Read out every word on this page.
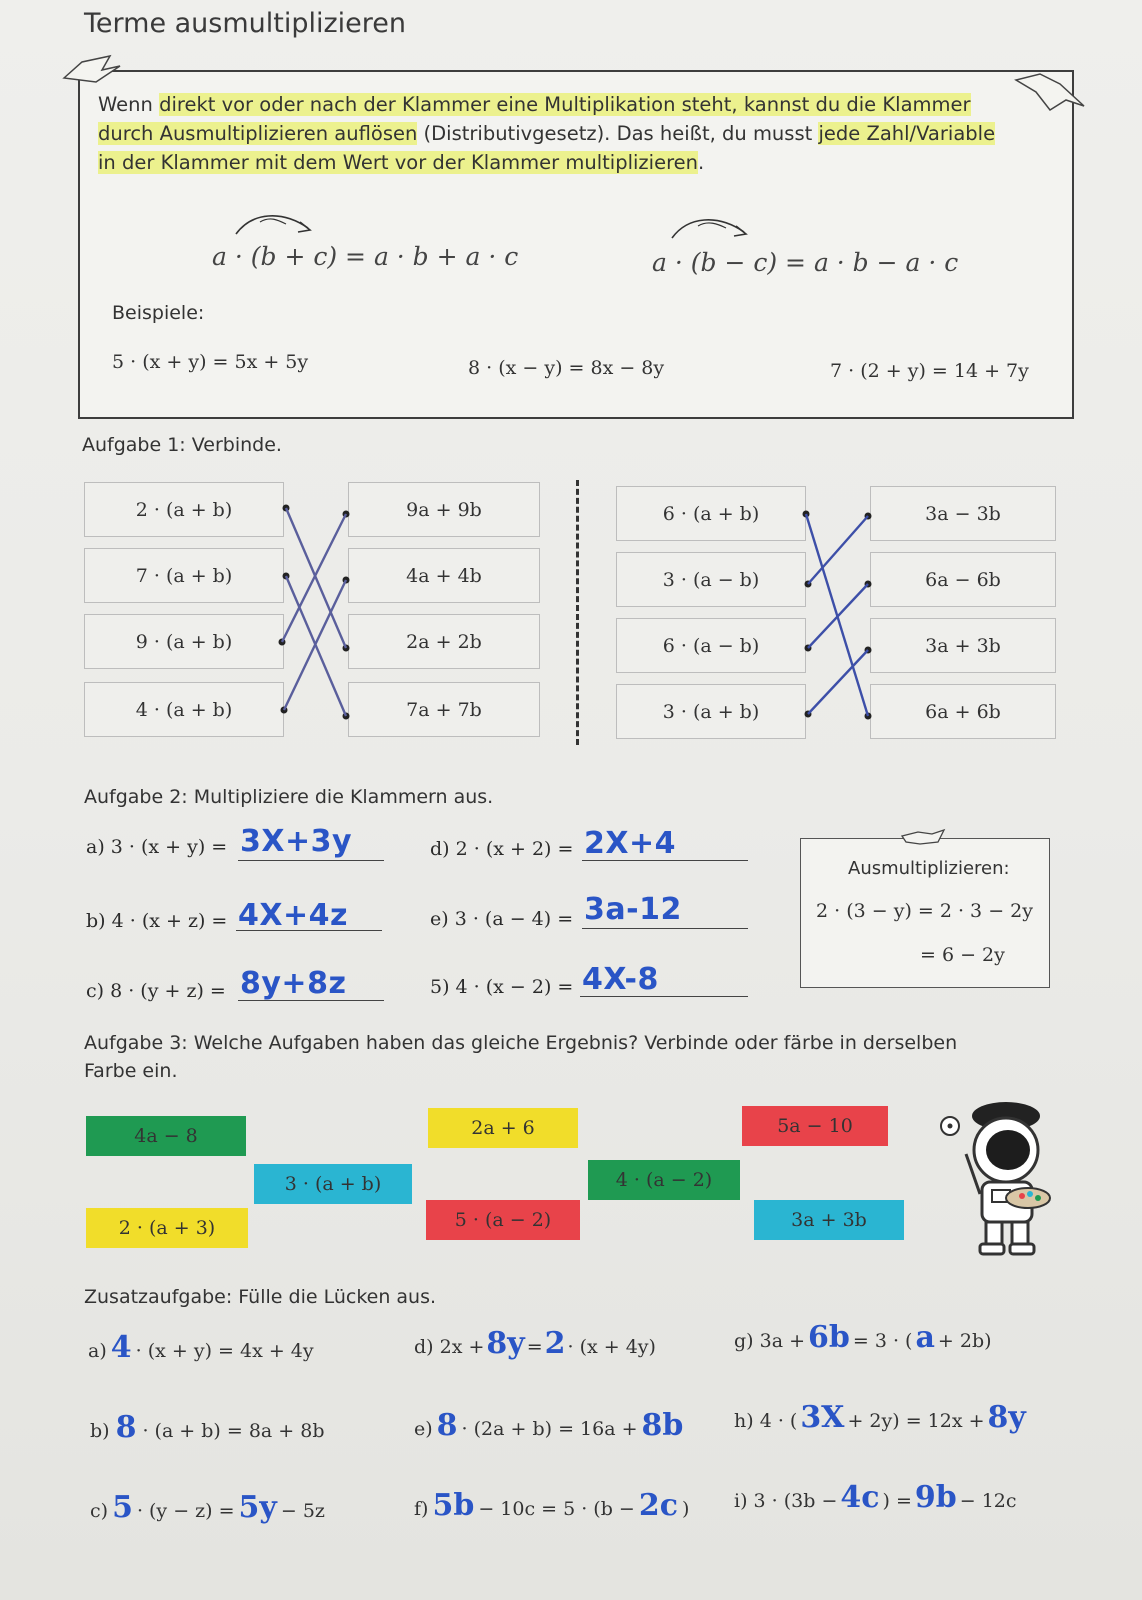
Terme ausmultiplizieren
Wenn direkt vor oder nach der Klammer eine Multiplikation steht, kannst du die Klammer
durch Ausmultiplizieren auflösen (Distributivgesetz). Das heißt, du musst jede Zahl/Variable
in der Klammer mit dem Wert vor der Klammer multiplizieren.
a · (b + c) = a · b + a · c	a · (b − c) = a · b − a · c
Beispiele:
5 · (x + y) = 5x + 5y	8 · (x − y) = 8x − 8y	7 · (2 + y) = 14 + 7y
Aufgabe 1: Verbinde.
2 · (a + b)
7 · (a + b)
9 · (a + b)
4 · (a + b)
9a + 9b
4a + 4b
2a + 2b
7a + 7b
6 · (a + b)
3 · (a − b)
6 · (a − b)
3 · (a + b)
3a − 3b
6a − 6b
3a + 3b
6a + 6b
Aufgabe 2: Multipliziere die Klammern aus.
a) 3 · (x + y) = 3X+3y
b) 4 · (x + z) = 4X+4z
c) 8 · (y + z) = 8y+8z
d) 2 · (x + 2) = 2X+4
e) 3 · (a − 4) = 3a-12
5) 4 · (x − 2) = 4X-8
Ausmultiplizieren:
2 · (3 − y) = 2 · 3 − 2y
= 6 − 2y
Aufgabe 3: Welche Aufgaben haben das gleiche Ergebnis? Verbinde oder färbe in derselben
Farbe ein.
4a − 8	2a + 6	5a − 10
3 · (a + b)	4 · (a − 2)
2 · (a + 3)	5 · (a − 2)	3a + 3b
Zusatzaufgabe: Fülle die Lücken aus.
a) 4 · (x + y) = 4x + 4y
b) 8 · (a + b) = 8a + 8b
c) 5 · (y − z) = 5y − 5z
d) 2x + 8y = 2 · (x + 4y)
e) 8 · (2a + b) = 16a + 8b
f) 5b − 10c = 5 · (b − 2c )
g) 3a + 6b = 3 · ( a + 2b)
h) 4 · ( 3X + 2y) = 12x + 8y
i) 3 · (3b − 4c ) = 9b − 12c
